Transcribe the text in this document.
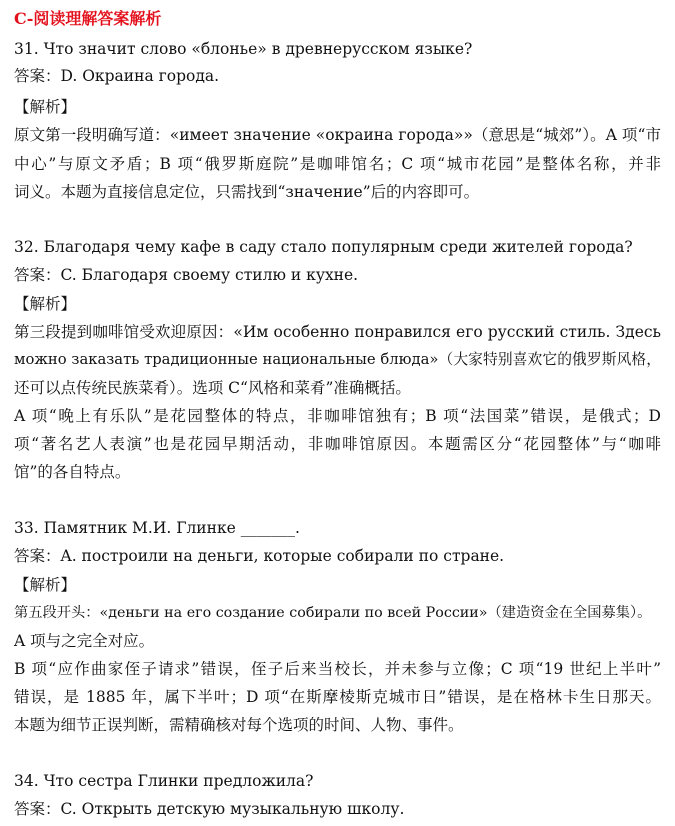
C-阅读理解答案解析
31. Что значит слово «блонье» в древнерусском языке?
答案：D. Окраина города.
【解析】
原文第一段明确写道：«имеет значение «окраина города»»（意思是“城郊”）。A 项“市
中心”与原文矛盾；B 项“俄罗斯庭院”是咖啡馆名；C 项“城市花园”是整体名称，并非
词义。本题为直接信息定位，只需找到“значение”后的内容即可。
32. Благодаря чему кафе в саду стало популярным среди жителей города?
答案：C. Благодаря своему стилю и кухне.
【解析】
第三段提到咖啡馆受欢迎原因：«Им особенно понравился его русский стиль. Здесь
можно заказать традиционные национальные блюда»（大家特别喜欢它的俄罗斯风格，
还可以点传统民族菜肴）。选项 C“风格和菜肴”准确概括。
A 项“晚上有乐队”是花园整体的特点，非咖啡馆独有；B 项“法国菜”错误，是俄式；D
项“著名艺人表演”也是花园早期活动，非咖啡馆原因。本题需区分“花园整体”与“咖啡
馆”的各自特点。
33. Памятник М.И. Глинке _______.
答案：A. построили на деньги, которые собирали по стране.
【解析】
第五段开头：«деньги на его создание собирали по всей России»（建造资金在全国募集）。
A 项与之完全对应。
B 项“应作曲家侄子请求”错误，侄子后来当校长，并未参与立像；C 项“19 世纪上半叶”
错误，是 1885 年，属下半叶；D 项“在斯摩棱斯克城市日”错误，是在格林卡生日那天。
本题为细节正误判断，需精确核对每个选项的时间、人物、事件。
34. Что сестра Глинки предложила?
答案：C. Открыть детскую музыкальную школу.
